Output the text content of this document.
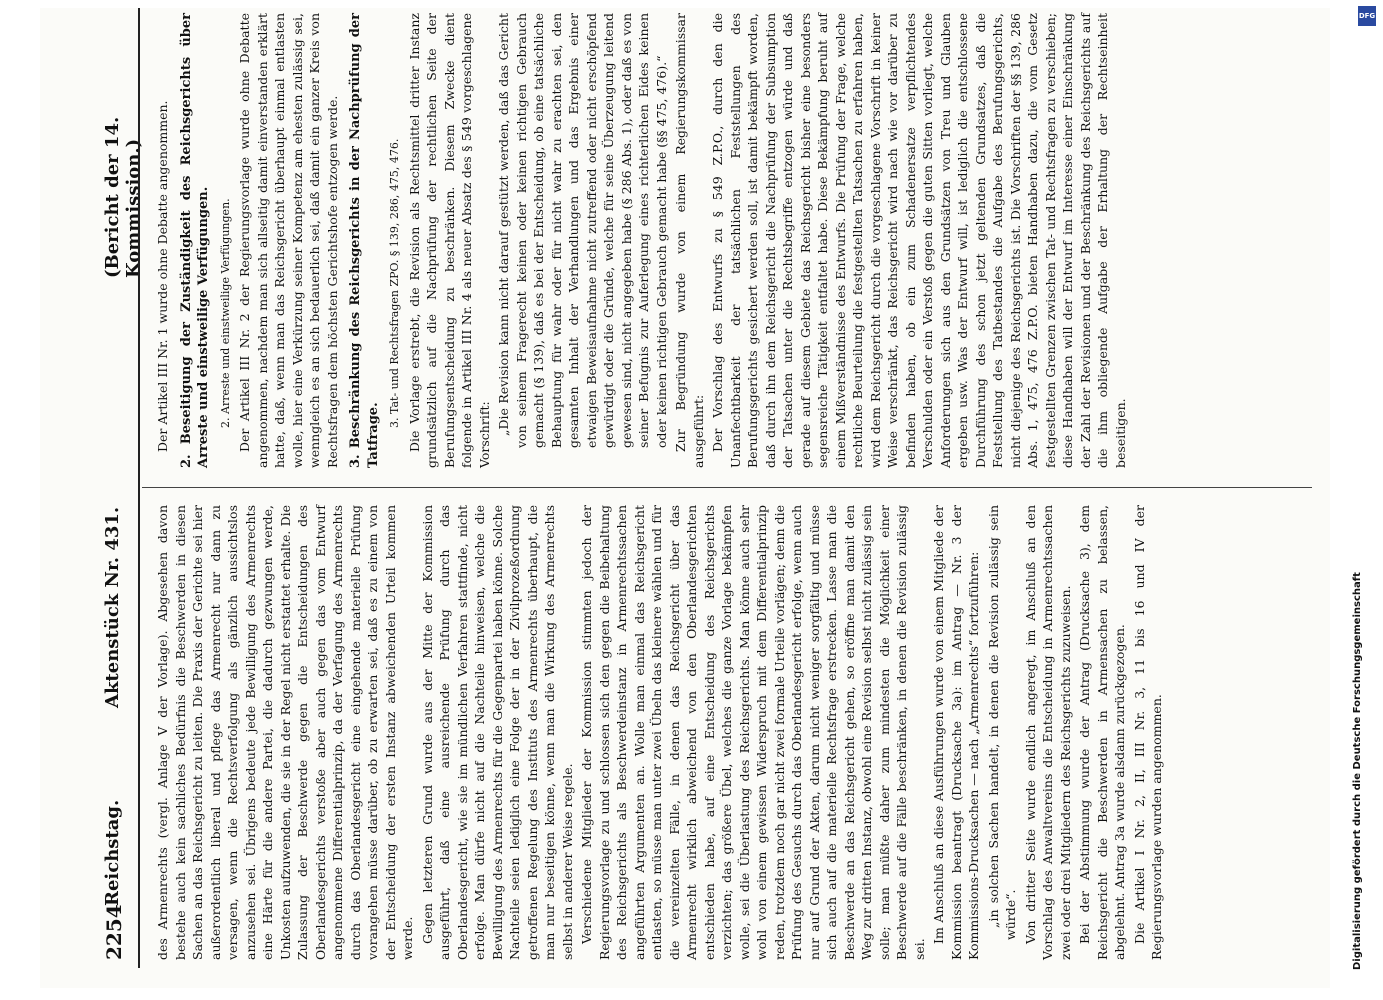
2254
Reichstag.
Aktenstück Nr. 431.
(Bericht der 14. Kommission.)

des Armenrechts (vergl. Anlage V der Vorlage). Abgesehen davon bestehe auch kein sachliches Bedürfnis die Beschwerden in diesen Sachen an das Reichsgericht zu leiten. Die Praxis der Gerichte sei hier außerordentlich liberal und pflege das Armenrecht nur dann zu versagen, wenn die Rechtsverfolgung als gänzlich aussichtslos anzusehen sei. Übrigens bedeute jede Bewilligung des Armenrechts eine Härte für die andere Partei, die dadurch gezwungen werde, Unkosten aufzuwenden, die sie in der Regel nicht erstattet erhalte. Die Zulassung der Beschwerde gegen die Entscheidungen des Oberlandesgerichts verstoße aber auch gegen das vom Entwurf angenommene Differentialprinzip, da der Verfagung des Armenrechts durch das Oberlandesgericht eine eingehende materielle Prüfung vorangehen müsse darüber, ob zu erwarten sei, daß es zu einem von der Entscheidung der ersten Instanz abweichenden Urteil kommen werde. Gegen letzteren Grund wurde aus der Mitte der Kommission ausgeführt, daß eine ausreichende Prüfung durch das Oberlandesgericht, wie sie im mündlichen Verfahren stattfinde, nicht erfolge. Man dürfe nicht auf die Nachteile hinweisen, welche die Bewilligung des Armenrechts für die Gegenpartei haben könne. Solche Nachteile seien lediglich eine Folge der in der Zivilprozeßordnung getroffenen Regelung des Instituts des Armenrechts überhaupt, die man nur beseitigen könne, wenn man die Wirkung des Armenrechts selbst in anderer Weise regele. Verschiedene Mitglieder der Kommission stimmten jedoch der Regierungsvorlage zu und schlossen sich den gegen die Beibehaltung des Reichsgerichts als Beschwerdeinstanz in Armenrechtssachen angeführten Argumenten an. Wolle man einmal das Reichsgericht entlasten, so müsse man unter zwei Übeln das kleinere wählen und für die vereinzelten Fälle, in denen das Reichsgericht über das Armenrecht wirklich abweichend von den Oberlandesgerichten entschieden habe, auf eine Entscheidung des Reichsgerichts verzichten; das größere Übel, welches die ganze Vorlage bekämpfen wolle, sei die Überlastung des Reichsgerichts. Man könne auch sehr wohl von einem gewissen Widerspruch mit dem Differentialprinzip reden, trotzdem noch gar nicht zwei formale Urteile vorlägen; denn die Prüfung des Gesuchs durch das Oberlandesgericht erfolge, wenn auch nur auf Grund der Akten, darum nicht weniger sorgfältig und müsse sich auch auf die materielle Rechtsfrage erstrecken. Lasse man die Beschwerde an das Reichsgericht gehen, so eröffne man damit den Weg zur dritten Instanz, obwohl eine Revision selbst nicht zulässig sein solle; man müßte daher zum mindesten die Möglichkeit einer Beschwerde auf die Fälle beschränken, in denen die Revision zulässig sei.

Im Anschluß an diese Ausführungen wurde von einem Mitgliede der Kommission beantragt (Drucksache 3a): im Antrag — Nr. 3 der Kommissions-Drucksachen — nach „Armenrechts“ fortzuführen: „in solchen Sachen handelt, in denen die Revision zulässig sein würde“. Von dritter Seite wurde endlich angeregt, im Anschluß an den Vorschlag des Anwaltvereins die Entscheidung in Armenrechtssachen zwei oder drei Mitgliedern des Reichsgerichts zuzuweisen. Bei der Abstimmung wurde der Antrag (Drucksache 3), dem Reichsgericht die Beschwerden in Armensachen zu belassen, abgelehnt. Antrag 3a wurde alsdann zurückgezogen. Die Artikel I Nr. 2, II, III Nr. 3, 11 bis 16 und IV der Regierungsvorlage wurden angenommen.

Der Artikel III Nr. 1 wurde ohne Debatte angenommen. 2. Beseitigung der Zuständigkeit des Reichsgerichts über Arreste und einstweilige Verfügungen. 2. Arreste und einstweilige Verfügungen. Der Artikel III Nr. 2 der Regierungsvorlage wurde ohne Debatte angenommen, nachdem man sich allseitig damit einverstanden erklärt hatte, daß, wenn man das Reichsgericht überhaupt einmal entlasten wolle, hier eine Verkürzung seiner Kompetenz am ehesten zulässig sei, wenngleich es an sich bedauerlich sei, daß damit ein ganzer Kreis von Rechtsfragen dem höchsten Gerichtshofe entzogen werde. 3. Beschränkung des Reichsgerichts in der Nachprüfung der Tatfrage.
3. Tat- und Rechtsfragen ZPO. § 139, 286, 475, 476. Die Vorlage erstrebt, die Revision als Rechtsmittel dritter Instanz grundsätzlich auf die Nachprüfung der rechtlichen Seite der Berufungsentscheidung zu beschränken. Diesem Zwecke dient folgende in Artikel III Nr. 4 als neuer Absatz des § 549 vorgeschlagene Vorschrift: „Die Revision kann nicht darauf gestützt werden, daß das Gericht von seinem Fragerecht keinen oder keinen richtigen Gebrauch gemacht (§ 139), daß es bei der Entscheidung, ob eine tatsächliche Behauptung für wahr oder für nicht wahr zu erachten sei, den gesamten Inhalt der Verhandlungen und das Ergebnis einer etwaigen Beweisaufnahme nicht zutreffend oder nicht erschöpfend gewürdigt oder die Gründe, welche für seine Überzeugung leitend gewesen sind, nicht angegeben habe (§ 286 Abs. 1), oder daß es von seiner Befugnis zur Auferlegung eines richterlichen Eides keinen oder keinen richtigen Gebrauch gemacht habe (§§ 475, 476).“ Zur Begründung wurde von einem Regierungskommissar ausgeführt: Der Vorschlag des Entwurfs zu § 549 Z.P.O., durch den die Unanfechtbarkeit der tatsächlichen Feststellungen des Berufungsgerichts gesichert werden soll, ist damit bekämpft worden, daß durch ihn dem Reichsgericht die Nachprüfung der Subsumption der Tatsachen unter die Rechtsbegriffe entzogen würde und daß gerade auf diesem Gebiete das Reichsgericht bisher eine besonders segensreiche Tätigkeit entfaltet habe. Diese Bekämpfung beruht auf einem Mißverständnisse des Entwurfs. Die Prüfung der Frage, welche rechtliche Beurteilung die festgestellten Tatsachen zu erfahren haben, wird dem Reichsgericht durch die vorgeschlagene Vorschrift in keiner Weise verschränkt, das Reichsgericht wird nach wie vor darüber zu befinden haben, ob ein zum Schadenersatze verpflichtendes Verschulden oder ein Verstoß gegen die guten Sitten vorliegt, welche Anforderungen sich aus den Grundsätzen von Treu und Glauben ergeben usw. Was der Entwurf will, ist lediglich die entschlossene Durchführung des schon jetzt geltenden Grundsatzes, daß die Feststellung des Tatbestandes die Aufgabe des Berufungsgerichts, nicht diejenige des Reichsgerichts ist. Die Vorschriften der §§ 139, 286 Abs. 1, 475, 476 Z.P.O. bieten Handhaben dazu, die vom Gesetz festgestellten Grenzen zwischen Tat- und Rechtsfragen zu verschieben; diese Handhaben will der Entwurf im Interesse einer Einschränkung der Zahl der Revisionen und der Beschränkung des Reichsgerichts auf die ihm obliegende Aufgabe der Erhaltung der Rechtseinheit beseitigen.

DFG
Digitalisierung gefördert durch die Deutsche Forschungsgemeinschaft
